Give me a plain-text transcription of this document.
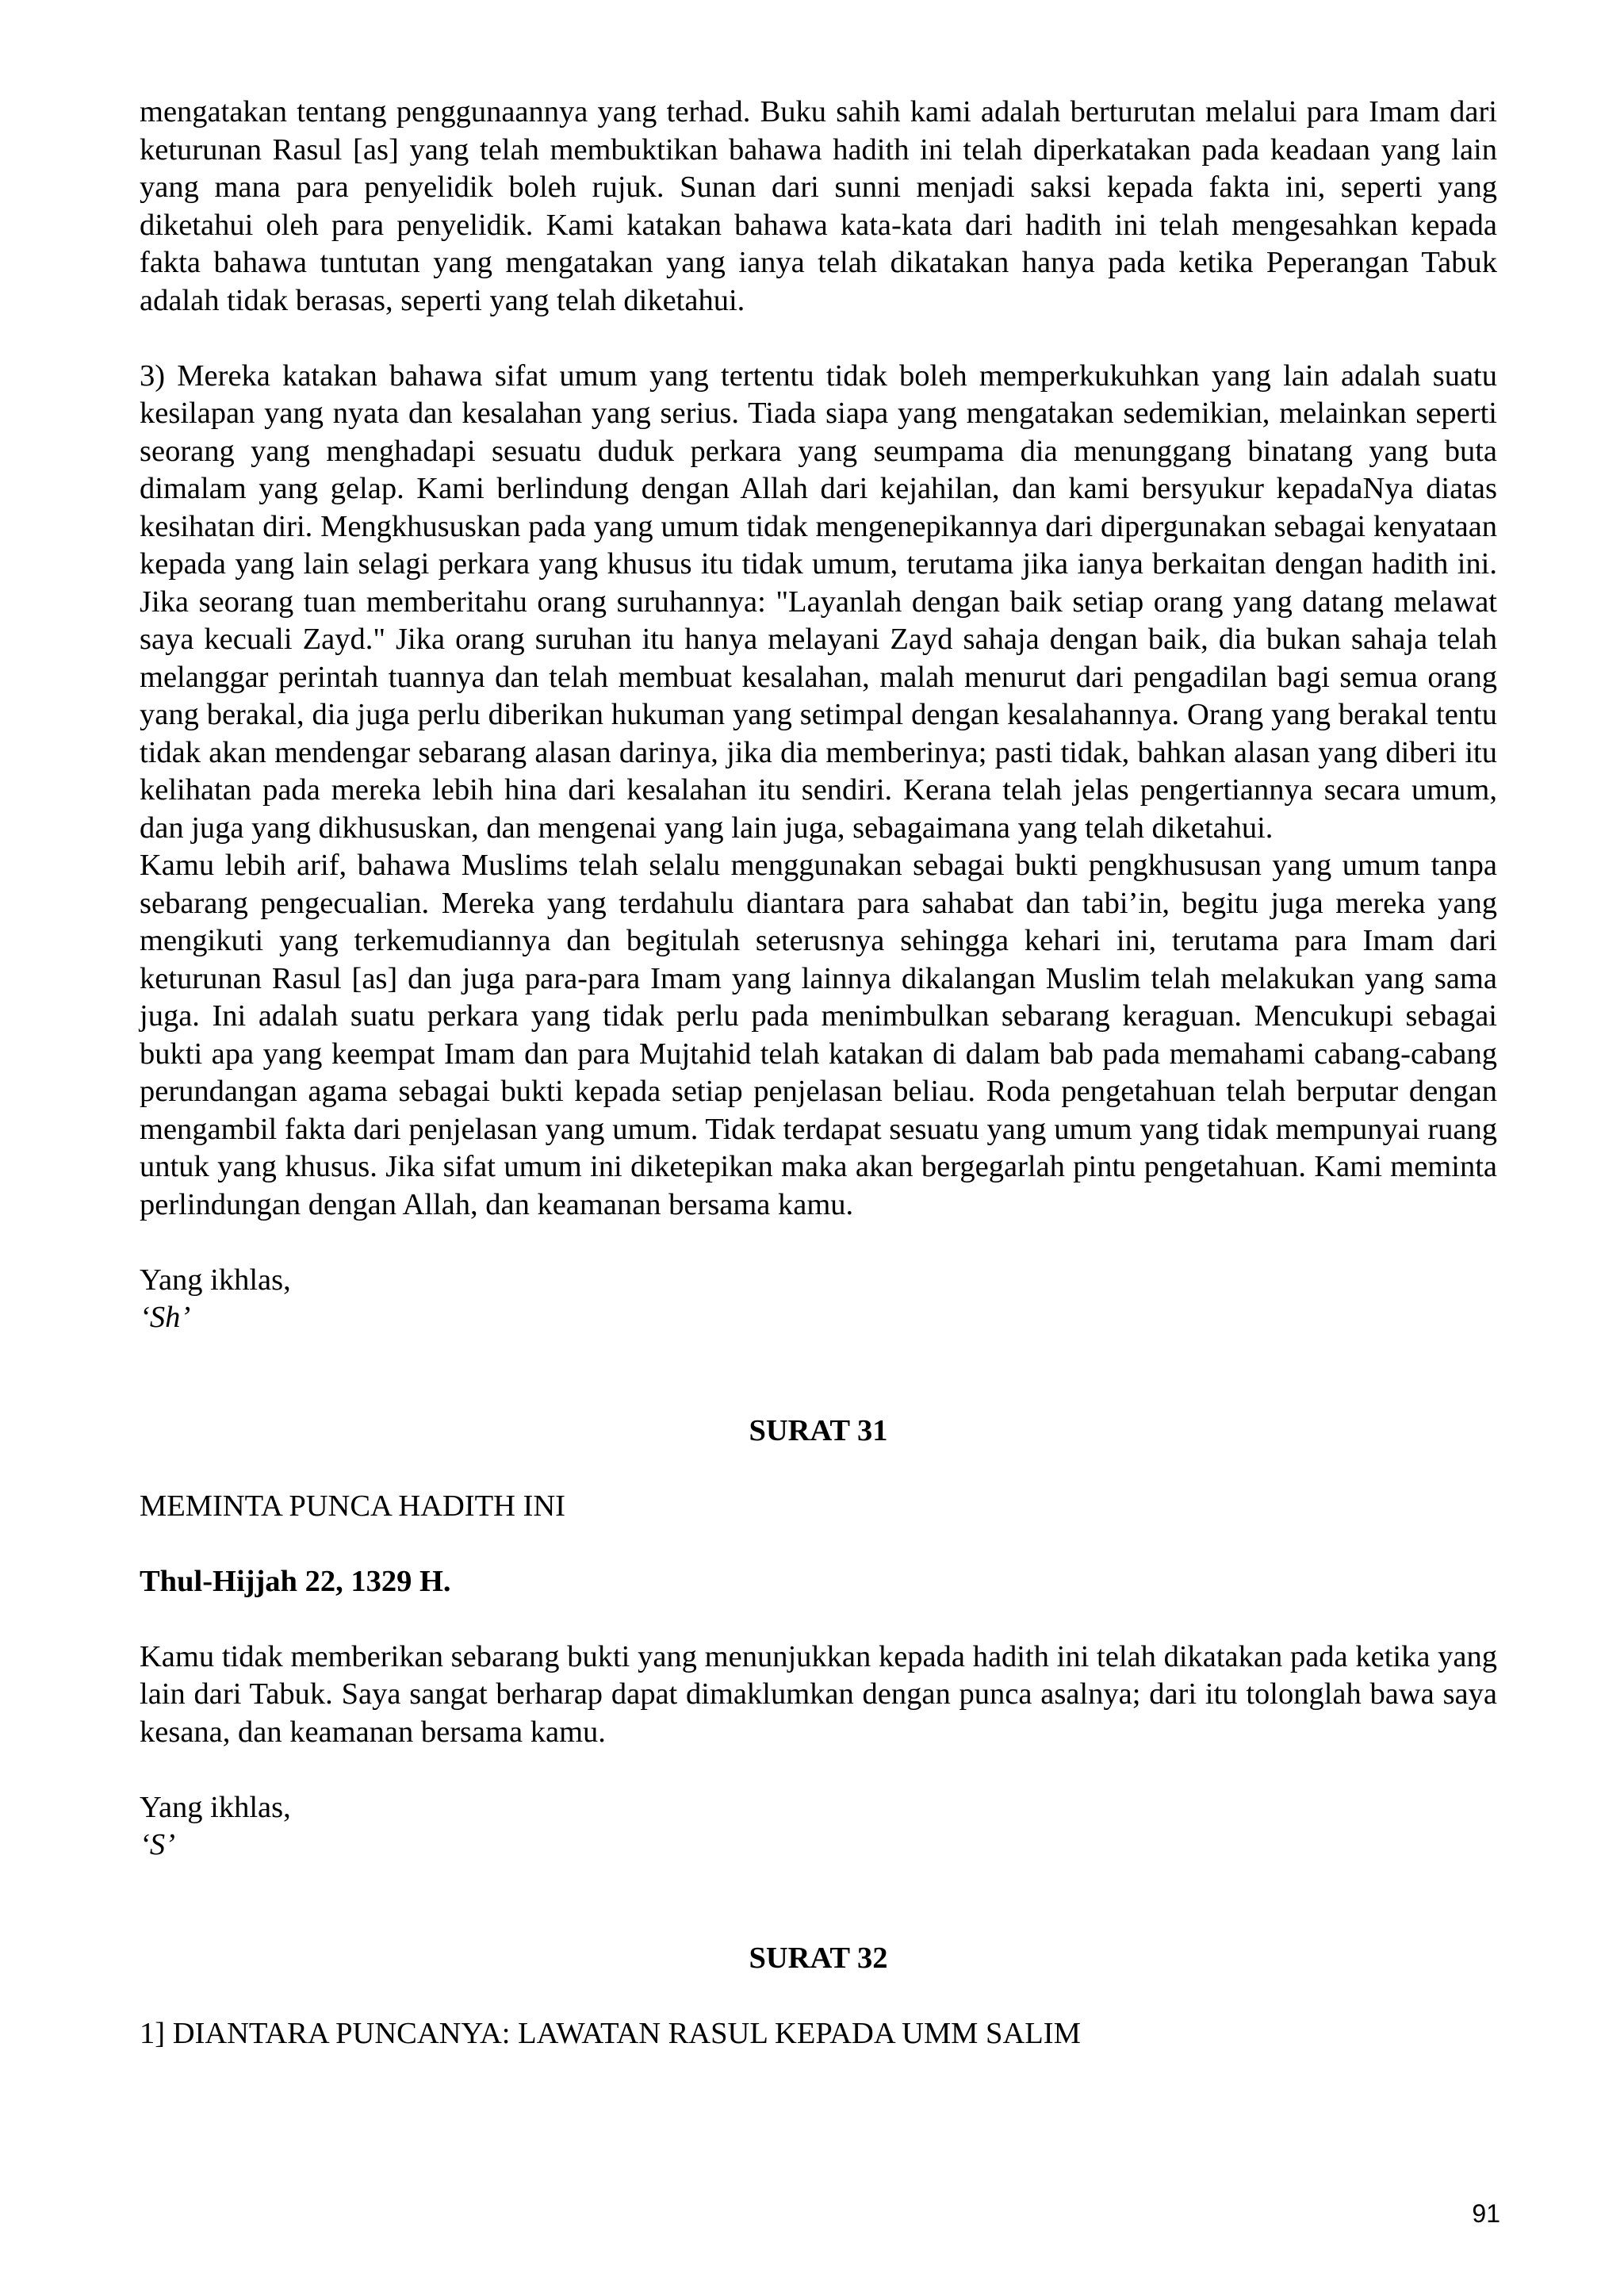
mengatakan tentang penggunaannya yang terhad. Buku sahih kami adalah berturutan melalui para Imam dari keturunan Rasul [as] yang telah membuktikan bahawa hadith ini telah diperkatakan pada keadaan yang lain yang mana para penyelidik boleh rujuk. Sunan dari sunni menjadi saksi kepada fakta ini, seperti yang diketahui oleh para penyelidik. Kami katakan bahawa kata-kata dari hadith ini telah mengesahkan kepada fakta bahawa tuntutan yang mengatakan yang ianya telah dikatakan hanya pada ketika Peperangan Tabuk adalah tidak berasas, seperti yang telah diketahui.

3) Mereka katakan bahawa sifat umum yang tertentu tidak boleh memperkukuhkan yang lain adalah suatu kesilapan yang nyata dan kesalahan yang serius. Tiada siapa yang mengatakan sedemikian, melainkan seperti seorang yang menghadapi sesuatu duduk perkara yang seumpama dia menunggang binatang yang buta dimalam yang gelap. Kami berlindung dengan Allah dari kejahilan, dan kami bersyukur kepadaNya diatas kesihatan diri. Mengkhususkan pada yang umum tidak mengenepikannya dari dipergunakan sebagai kenyataan kepada yang lain selagi perkara yang khusus itu tidak umum, terutama jika ianya berkaitan dengan hadith ini. Jika seorang tuan memberitahu orang suruhannya: "Layanlah dengan baik setiap orang yang datang melawat saya kecuali Zayd." Jika orang suruhan itu hanya melayani Zayd sahaja dengan baik, dia bukan sahaja telah melanggar perintah tuannya dan telah membuat kesalahan, malah menurut dari pengadilan bagi semua orang yang berakal, dia juga perlu diberikan hukuman yang setimpal dengan kesalahannya. Orang yang berakal tentu tidak akan mendengar sebarang alasan darinya, jika dia memberinya; pasti tidak, bahkan alasan yang diberi itu kelihatan pada mereka lebih hina dari kesalahan itu sendiri. Kerana telah jelas pengertiannya secara umum, dan juga yang dikhususkan, dan mengenai yang lain juga, sebagaimana yang telah diketahui.

Kamu lebih arif, bahawa Muslims telah selalu menggunakan sebagai bukti pengkhususan yang umum tanpa sebarang pengecualian. Mereka yang terdahulu diantara para sahabat dan tabi’in, begitu juga mereka yang mengikuti yang terkemudiannya dan begitulah seterusnya sehingga kehari ini, terutama para Imam dari keturunan Rasul [as] dan juga para-para Imam yang lainnya dikalangan Muslim telah melakukan yang sama juga. Ini adalah suatu perkara yang tidak perlu pada menimbulkan sebarang keraguan. Mencukupi sebagai bukti apa yang keempat Imam dan para Mujtahid telah katakan di dalam bab pada memahami cabang-cabang perundangan agama sebagai bukti kepada setiap penjelasan beliau. Roda pengetahuan telah berputar dengan mengambil fakta dari penjelasan yang umum. Tidak terdapat sesuatu yang umum yang tidak mempunyai ruang untuk yang khusus. Jika sifat umum ini diketepikan maka akan bergegarlah pintu pengetahuan. Kami meminta perlindungan dengan Allah, dan keamanan bersama kamu.

Yang ikhlas,

‘Sh’

SURAT 31

MEMINTA PUNCA HADITH INI

Thul-Hijjah 22, 1329 H.

Kamu tidak memberikan sebarang bukti yang menunjukkan kepada hadith ini telah dikatakan pada ketika yang lain dari Tabuk. Saya sangat berharap dapat dimaklumkan dengan punca asalnya; dari itu tolonglah bawa saya kesana, dan keamanan bersama kamu.

Yang ikhlas,

‘S’

SURAT 32

1] DIANTARA PUNCANYA: LAWATAN RASUL KEPADA UMM SALIM

91
